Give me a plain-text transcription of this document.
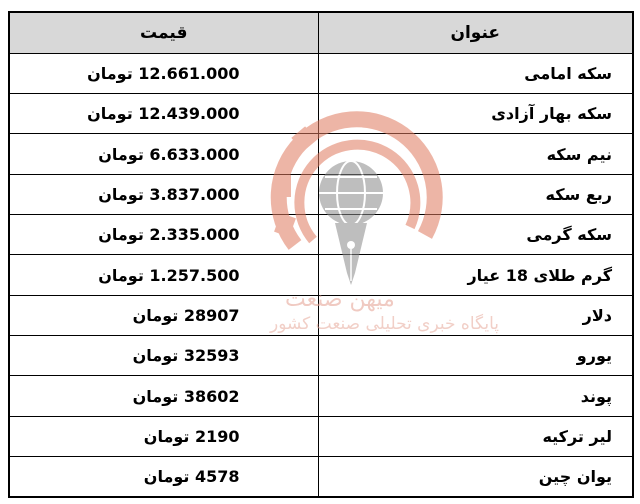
قیمت	عنوان
12.661.000 تومان	سکه امامی
12.439.000 تومان	سکه بهار آزادی
6.633.000 تومان	نیم سکه
3.837.000 تومان	ربع سکه
2.335.000 تومان	سکه گرمی
1.257.500 تومان	گرم طلای 18 عیار
28907 تومان	دلار
32593 تومان	یورو
38602 تومان	پوند
2190 تومان	لیر ترکیه
4578 تومان	یوان چین
میهن صنعت
پایگاه خبری تحلیلی صنعت کشور
